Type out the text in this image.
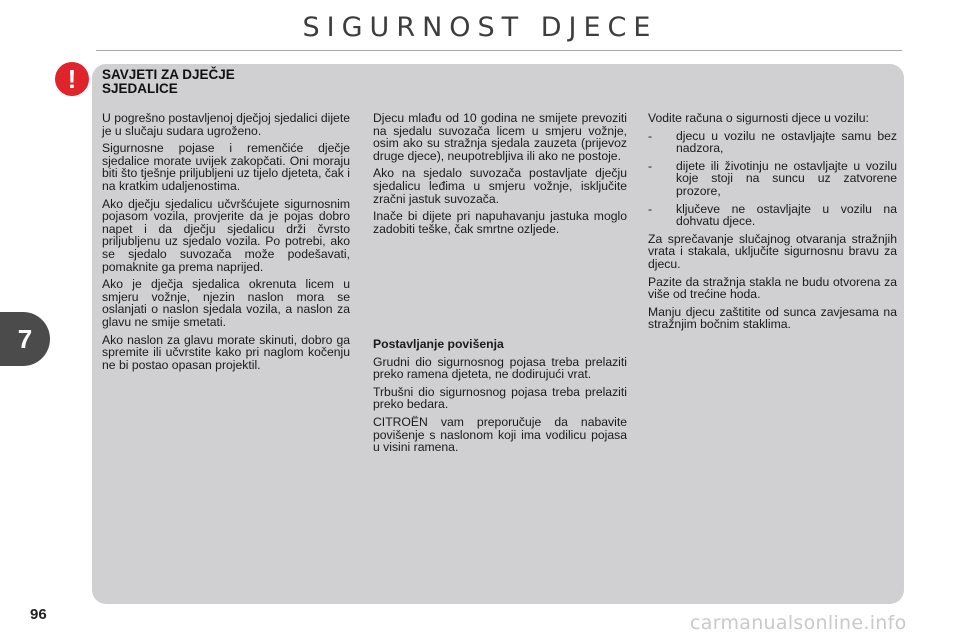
SIGURNOST DJECE
7
! SAVJETI ZA DJEČJE
SJEDALICE

U pogrešno postavljenoj dječjoj sjedalici dijete je u slučaju sudara ugroženo.

Sigurnosne pojase i remenčiće dječje sjedalice morate uvijek zakopčati. Oni moraju biti što tješnje priljubljeni uz tijelo djeteta, čak i na kratkim udaljenostima.

Ako dječju sjedalicu učvršćujete sigurnosnim pojasom vozila, provjerite da je pojas dobro napet i da dječju sjedalicu drži čvrsto priljubljenu uz sjedalo vozila. Po potrebi, ako se sjedalo suvozača može podešavati, pomaknite ga prema naprijed.

Ako je dječja sjedalica okrenuta licem u smjeru vožnje, njezin naslon mora se oslanjati o naslon sjedala vozila, a naslon za glavu ne smije smetati.

Ako naslon za glavu morate skinuti, dobro ga spremite ili učvrstite kako pri naglom kočenju ne bi postao opasan projektil.

Djecu mlađu od 10 godina ne smijete prevoziti na sjedalu suvozača licem u smjeru vožnje, osim ako su stražnja sjedala zauzeta (prijevoz druge djece), neupotrebljiva ili ako ne postoje.

Ako na sjedalo suvozača postavljate dječju sjedalicu leđima u smjeru vožnje, isključite zračni jastuk suvozača.

Inače bi dijete pri napuhavanju jastuka moglo zadobiti teške, čak smrtne ozljede.

Postavljanje povišenja

Grudni dio sigurnosnog pojasa treba prelaziti preko ramena djeteta, ne dodirujući vrat.

Trbušni dio sigurnosnog pojasa treba prelaziti preko bedara.

CITROËN vam preporučuje da nabavite povišenje s naslonom koji ima vodilicu pojasa u visini ramena.

Vodite računa o sigurnosti djece u vozilu:

- djecu u vozilu ne ostavljajte samu bez nadzora,
- dijete ili životinju ne ostavljajte u vozilu koje stoji na suncu uz zatvorene prozore,
- ključeve ne ostavljajte u vozilu na dohvatu djece.

Za sprečavanje slučajnog otvaranja stražnjih vrata i stakala, uključite sigurnosnu bravu za djecu.

Pazite da stražnja stakla ne budu otvorena za više od trećine hoda.

Manju djecu zaštitite od sunca zavjesama na stražnjim bočnim staklima.

96	carmanualsonline.info
